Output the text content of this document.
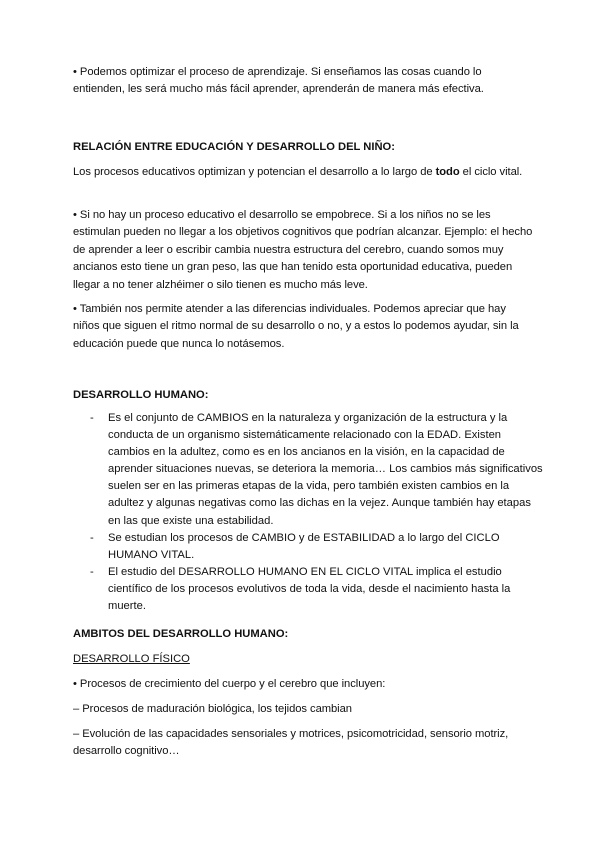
• Podemos optimizar el proceso de aprendizaje. Si enseñamos las cosas cuando lo entienden, les será mucho más fácil aprender, aprenderán de manera más efectiva.

RELACIÓN ENTRE EDUCACIÓN Y DESARROLLO DEL NIÑO:

Los procesos educativos optimizan y potencian el desarrollo a lo largo de todo el ciclo vital.

• Si no hay un proceso educativo el desarrollo se empobrece. Si a los niños no se les estimulan pueden no llegar a los objetivos cognitivos que podrían alcanzar. Ejemplo: el hecho de aprender a leer o escribir cambia nuestra estructura del cerebro, cuando somos muy ancianos esto tiene un gran peso, las que han tenido esta oportunidad educativa, pueden llegar a no tener alzhéimer o silo tienen es mucho más leve.

• También nos permite atender a las diferencias individuales. Podemos apreciar que hay niños que siguen el ritmo normal de su desarrollo o no, y a estos lo podemos ayudar, sin la educación puede que nunca lo notásemos.

DESARROLLO HUMANO:
- Es el conjunto de CAMBIOS en la naturaleza y organización de la estructura y la conducta de un organismo sistemáticamente relacionado con la EDAD. Existen cambios en la adultez, como es en los ancianos en la visión, en la capacidad de aprender situaciones nuevas, se deteriora la memoria… Los cambios más significativos suelen ser en las primeras etapas de la vida, pero también existen cambios en la adultez y algunas negativas como las dichas en la vejez. Aunque también hay etapas en las que existe una estabilidad.
- Se estudian los procesos de CAMBIO y de ESTABILIDAD a lo largo del CICLO HUMANO VITAL.
- El estudio del DESARROLLO HUMANO EN EL CICLO VITAL implica el estudio científico de los procesos evolutivos de toda la vida, desde el nacimiento hasta la muerte.
AMBITOS DEL DESARROLLO HUMANO:
DESARROLLO FÍSICO

• Procesos de crecimiento del cuerpo y el cerebro que incluyen:

– Procesos de maduración biológica, los tejidos cambian

– Evolución de las capacidades sensoriales y motrices, psicomotricidad, sensorio motriz, desarrollo cognitivo…
